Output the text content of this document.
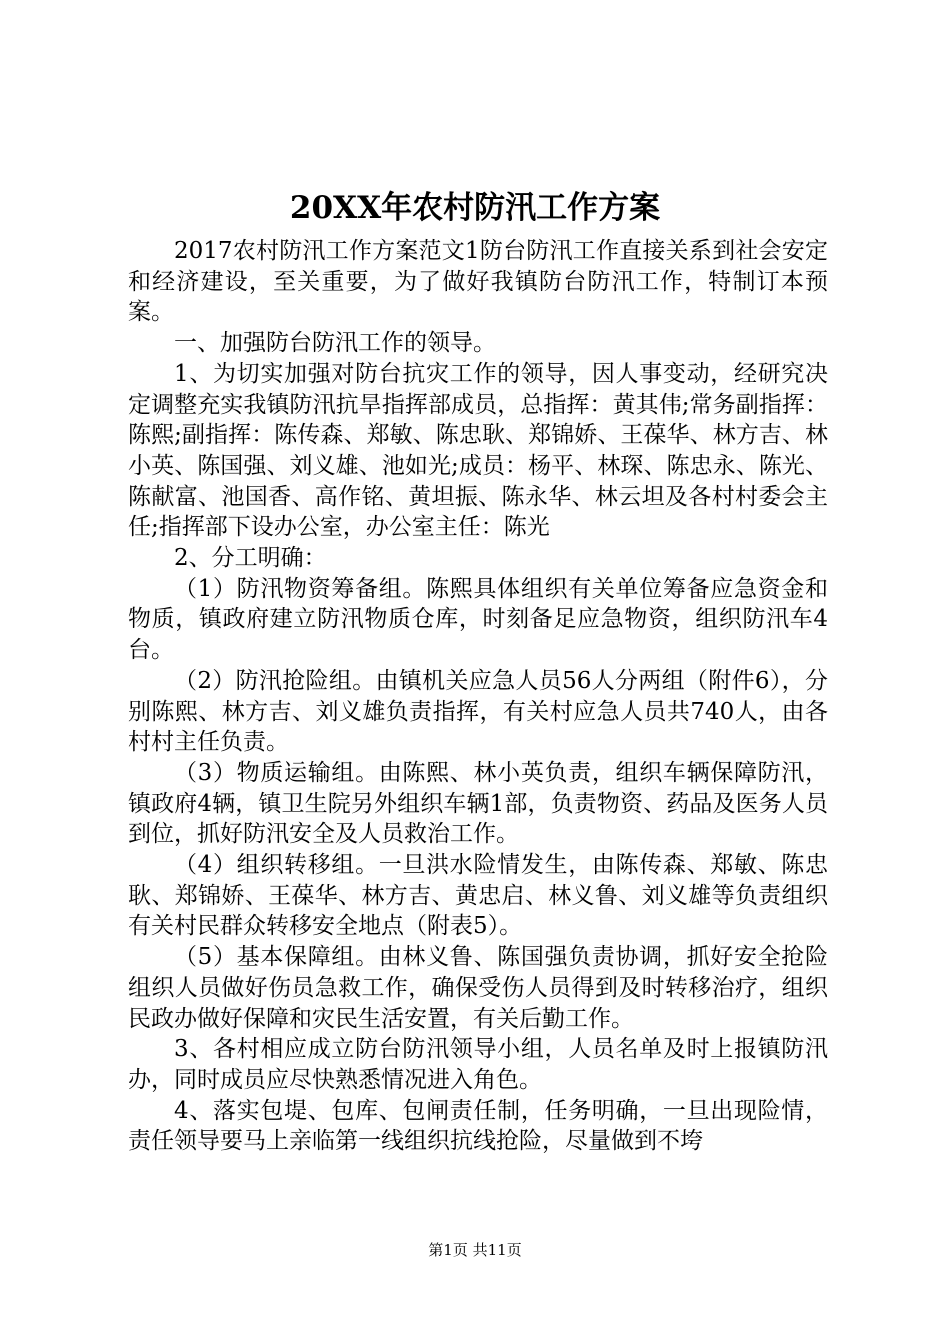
20XX年农村防汛工作方案

2017农村防汛工作方案范文1防台防汛工作直接关系到社会安定和经济建设，至关重要，为了做好我镇防台防汛工作，特制订本预案。

一、加强防台防汛工作的领导。

1、为切实加强对防台抗灾工作的领导，因人事变动，经研究决定调整充实我镇防汛抗旱指挥部成员，总指挥：黄其伟;常务副指挥：陈熙;副指挥：陈传森、郑敏、陈忠耿、郑锦娇、王葆华、林方吉、林小英、陈国强、刘义雄、池如光;成员：杨平、林琛、陈忠永、陈光、陈献富、池国香、高作铭、黄坦振、陈永华、林云坦及各村村委会主任;指挥部下设办公室，办公室主任：陈光

2、分工明确：

（1）防汛物资筹备组。陈熙具体组织有关单位筹备应急资金和物质，镇政府建立防汛物质仓库，时刻备足应急物资，组织防汛车4台。

（2）防汛抢险组。由镇机关应急人员56人分两组（附件6），分别陈熙、林方吉、刘义雄负责指挥，有关村应急人员共740人，由各村村主任负责。

（3）物质运输组。由陈熙、林小英负责，组织车辆保障防汛，镇政府4辆，镇卫生院另外组织车辆1部，负责物资、药品及医务人员到位，抓好防汛安全及人员救治工作。

（4）组织转移组。一旦洪水险情发生，由陈传森、郑敏、陈忠耿、郑锦娇、王葆华、林方吉、黄忠启、林义鲁、刘义雄等负责组织有关村民群众转移安全地点（附表5）。

（5）基本保障组。由林义鲁、陈国强负责协调，抓好安全抢险组织人员做好伤员急救工作，确保受伤人员得到及时转移治疗，组织民政办做好保障和灾民生活安置，有关后勤工作。

3、各村相应成立防台防汛领导小组，人员名单及时上报镇防汛办，同时成员应尽快熟悉情况进入角色。

4、落实包堤、包库、包闸责任制，任务明确，一旦出现险情，责任领导要马上亲临第一线组织抗线抢险，尽量做到不垮

第1页 共11页
